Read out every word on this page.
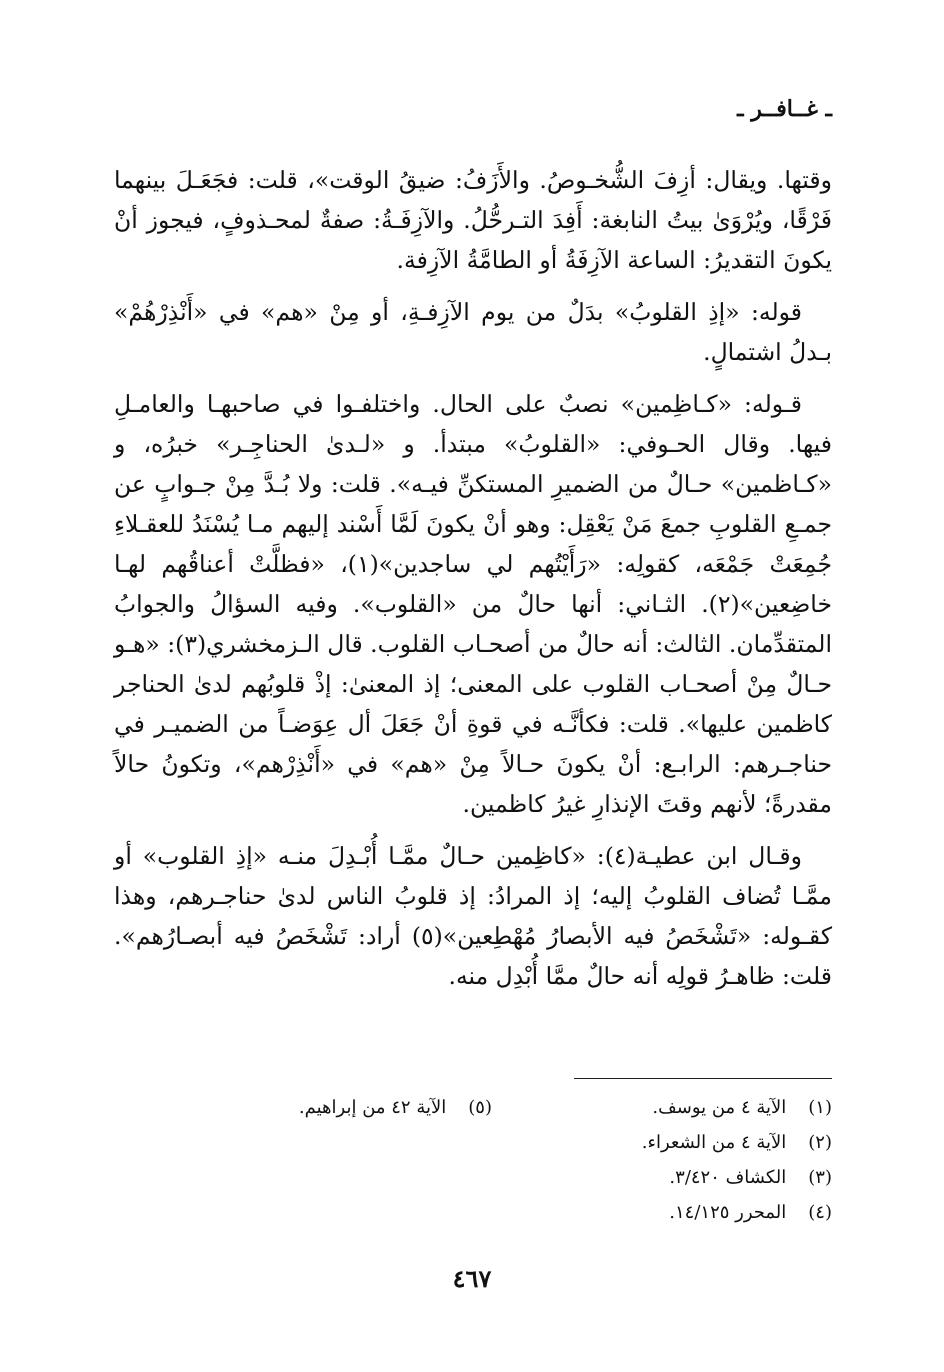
ـ غــافــر ـ

وقتها. ويقال: أزِفَ الشُّخـوصُ. والأَزَفُ: ضيقُ الوقت»، قلت: فجَعَـلَ بينهما فَرْقًا، ويُرْوَىٰ بيتُ النابغة: أَفِدَ التـرحُّلُ. والآزِفَـةُ: صفةٌ لمحـذوفٍ، فيجوز أنْ يكونَ التقديرُ: الساعة الآزِفَةُ أو الطامَّةُ الآزِفة.

قوله: «إذِ القلوبُ» بدَلٌ من يوم الآزِفـةِ، أو مِنْ «هم» في «أَنْذِرْهُمْ» بـدلُ اشتمالٍ.

قـوله: «كـاظِمين» نصبٌ على الحال. واختلفـوا في صاحبهـا والعامـلِ فيها. وقال الحـوفي: «القلوبُ» مبتدأ. و «لـدىٰ الحناجِـر» خبرُه، و «كـاظمين» حـالٌ من الضميرِ المستكنِّ فيـه». قلت: ولا بُـدَّ مِنْ جـوابٍ عن جمـعِ القلوبِ جمعَ مَنْ يَعْقِل: وهو أنْ يكونَ لَمَّا أَسْند إليهم مـا يُسْنَدُ للعقـلاءِ جُمِعَتْ جَمْعَه، كقولِه: «رَأَيْتُهم لي ساجدين»(١)، «فظلَّتْ أعناقُهم لهـا خاضِعين»(٢). الثـاني: أنها حالٌ من «القلوب». وفيه السؤالُ والجوابُ المتقدِّمان. الثالث: أنه حالٌ من أصحـاب القلوب. قال الـزمخشري(٣): «هـو حـالٌ مِنْ أصحـاب القلوب على المعنى؛ إذ المعنىٰ: إذْ قلوبُهم لدىٰ الحناجر كاظمين عليها». قلت: فكأنَّـه في قوةِ أنْ جَعَلَ أل عِوَضـاً من الضميـر في حناجـرهم: الرابـع: أنْ يكونَ حـالاً مِنْ «هم» في «أَنْذِرْهم»، وتكونُ حالاً مقدرةً؛ لأنهم وقتَ الإنذارِ غيرُ كاظمين.

وقـال ابن عطيـة(٤): «كاظِمين حـالٌ ممَّـا أُبْـدِلَ منـه «إذِ القلوب» أو ممَّـا تُضاف القلوبُ إليه؛ إذ المرادُ: إذ قلوبُ الناس لدىٰ حناجـرهم، وهذا كقـوله: «تَشْخَصُ فيه الأبصارُ مُهْطِعين»(٥) أراد: تَشْخَصُ فيه أبصـارُهم». قلت: ظاهـرُ قولِه أنه حالٌ ممَّا أُبْدِل منه.

(١) الآية ٤ من يوسف.
(٢) الآية ٤ من الشعراء.
(٣) الكشاف ٣/٤٢٠.
(٤) المحرر ١٤/١٢٥.
(٥) الآية ٤٢ من إبراهيم.
٤٦٧
